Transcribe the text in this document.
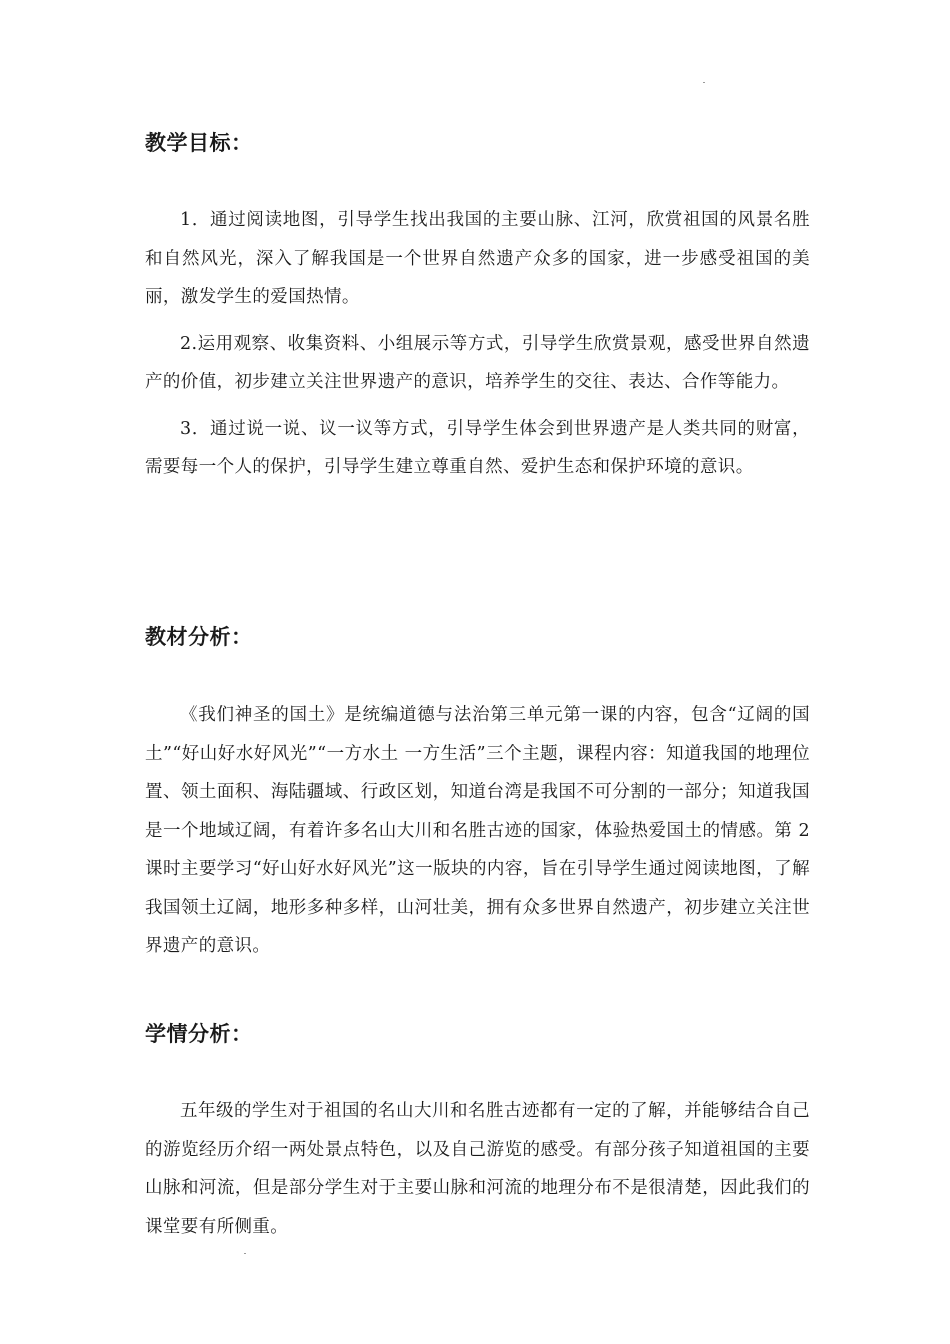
教学目标：

1．通过阅读地图，引导学生找出我国的主要山脉、江河，欣赏祖国的风景名胜和自然风光，深入了解我国是一个世界自然遗产众多的国家，进一步感受祖国的美丽，激发学生的爱国热情。

2.运用观察、收集资料、小组展示等方式，引导学生欣赏景观，感受世界自然遗产的价值，初步建立关注世界遗产的意识，培养学生的交往、表达、合作等能力。

3．通过说一说、议一议等方式，引导学生体会到世界遗产是人类共同的财富，需要每一个人的保护，引导学生建立尊重自然、爱护生态和保护环境的意识。

教材分析：

《我们神圣的国土》是统编道德与法治第三单元第一课的内容，包含“辽阔的国土”“好山好水好风光”“一方水土 一方生活”三个主题，课程内容：知道我国的地理位置、领土面积、海陆疆域、行政区划，知道台湾是我国不可分割的一部分；知道我国是一个地域辽阔，有着许多名山大川和名胜古迹的国家，体验热爱国土的情感。第 2 课时主要学习“好山好水好风光”这一版块的内容，旨在引导学生通过阅读地图，了解我国领土辽阔，地形多种多样，山河壮美，拥有众多世界自然遗产，初步建立关注世界遗产的意识。

学情分析：

五年级的学生对于祖国的名山大川和名胜古迹都有一定的了解，并能够结合自己的游览经历介绍一两处景点特色，以及自己游览的感受。有部分孩子知道祖国的主要山脉和河流，但是部分学生对于主要山脉和河流的地理分布不是很清楚，因此我们的课堂要有所侧重。
